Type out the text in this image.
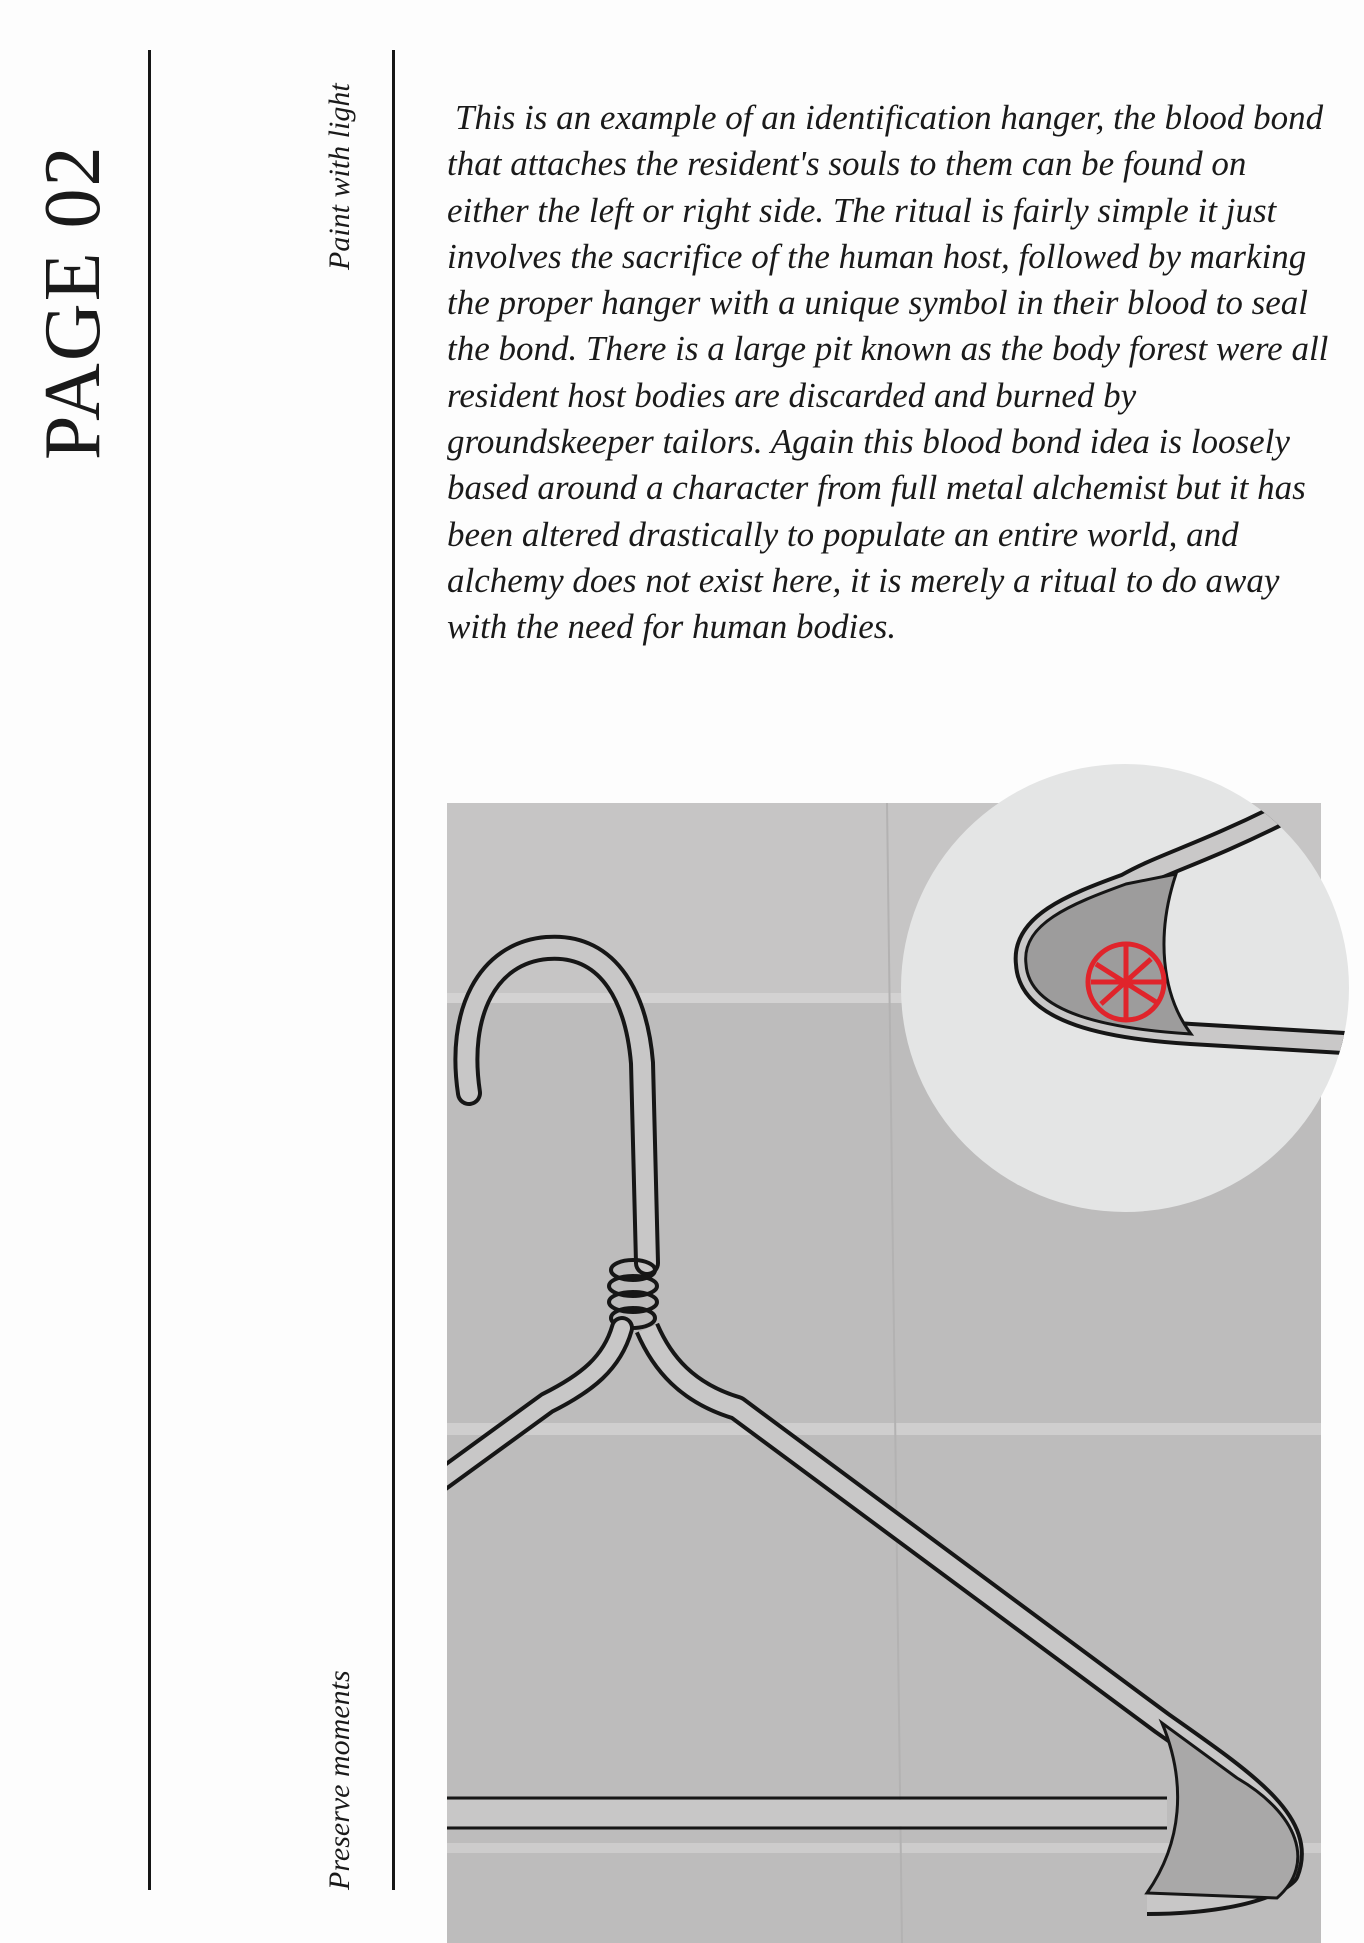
PAGE 02	Paint with light
Preserve moments

This is an example of an identification hanger, the blood bond that attaches the resident's souls to them can be found on either the left or right side. The ritual is fairly simple it just involves the sacrifice of the human host, followed by marking the proper hanger with a unique symbol in their blood to seal the bond. There is a large pit known as the body forest were all resident host bodies are discarded and burned by groundskeeper tailors. Again this blood bond idea is loosely based around a character from full metal alchemist but it has been altered drastically to populate an entire world, and alchemy does not exist here, it is merely a ritual to do away with the need for human bodies.
